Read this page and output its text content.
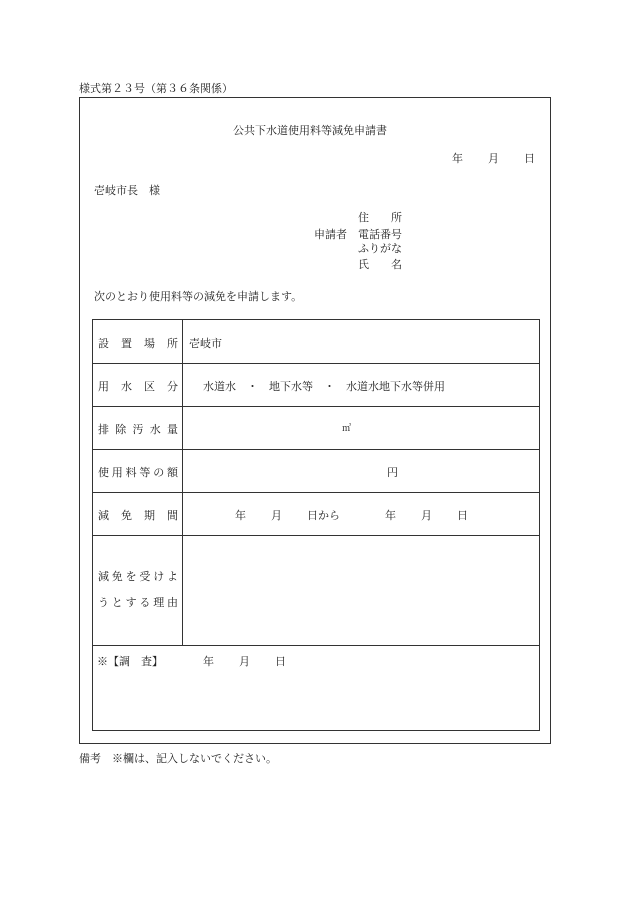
様式第２３号（第３６条関係）
公共下水道使用料等減免申請書
年 月 日
壱岐市長　様
申請者
住　　所
電話番号
ふりがな
氏　　名
次のとおり使用料等の減免を申請します。
設置場所 壱岐市
用水区分 水道水　・　地下水等　・　水道水地下水等併用
排除汚水量	㎥
使用料等の額	円
減免期間	年 月 日から	年 月 日
減免を受けよ
うとする理由
※【調　査】	年 月 日
備考　※欄は、記入しないでください。
